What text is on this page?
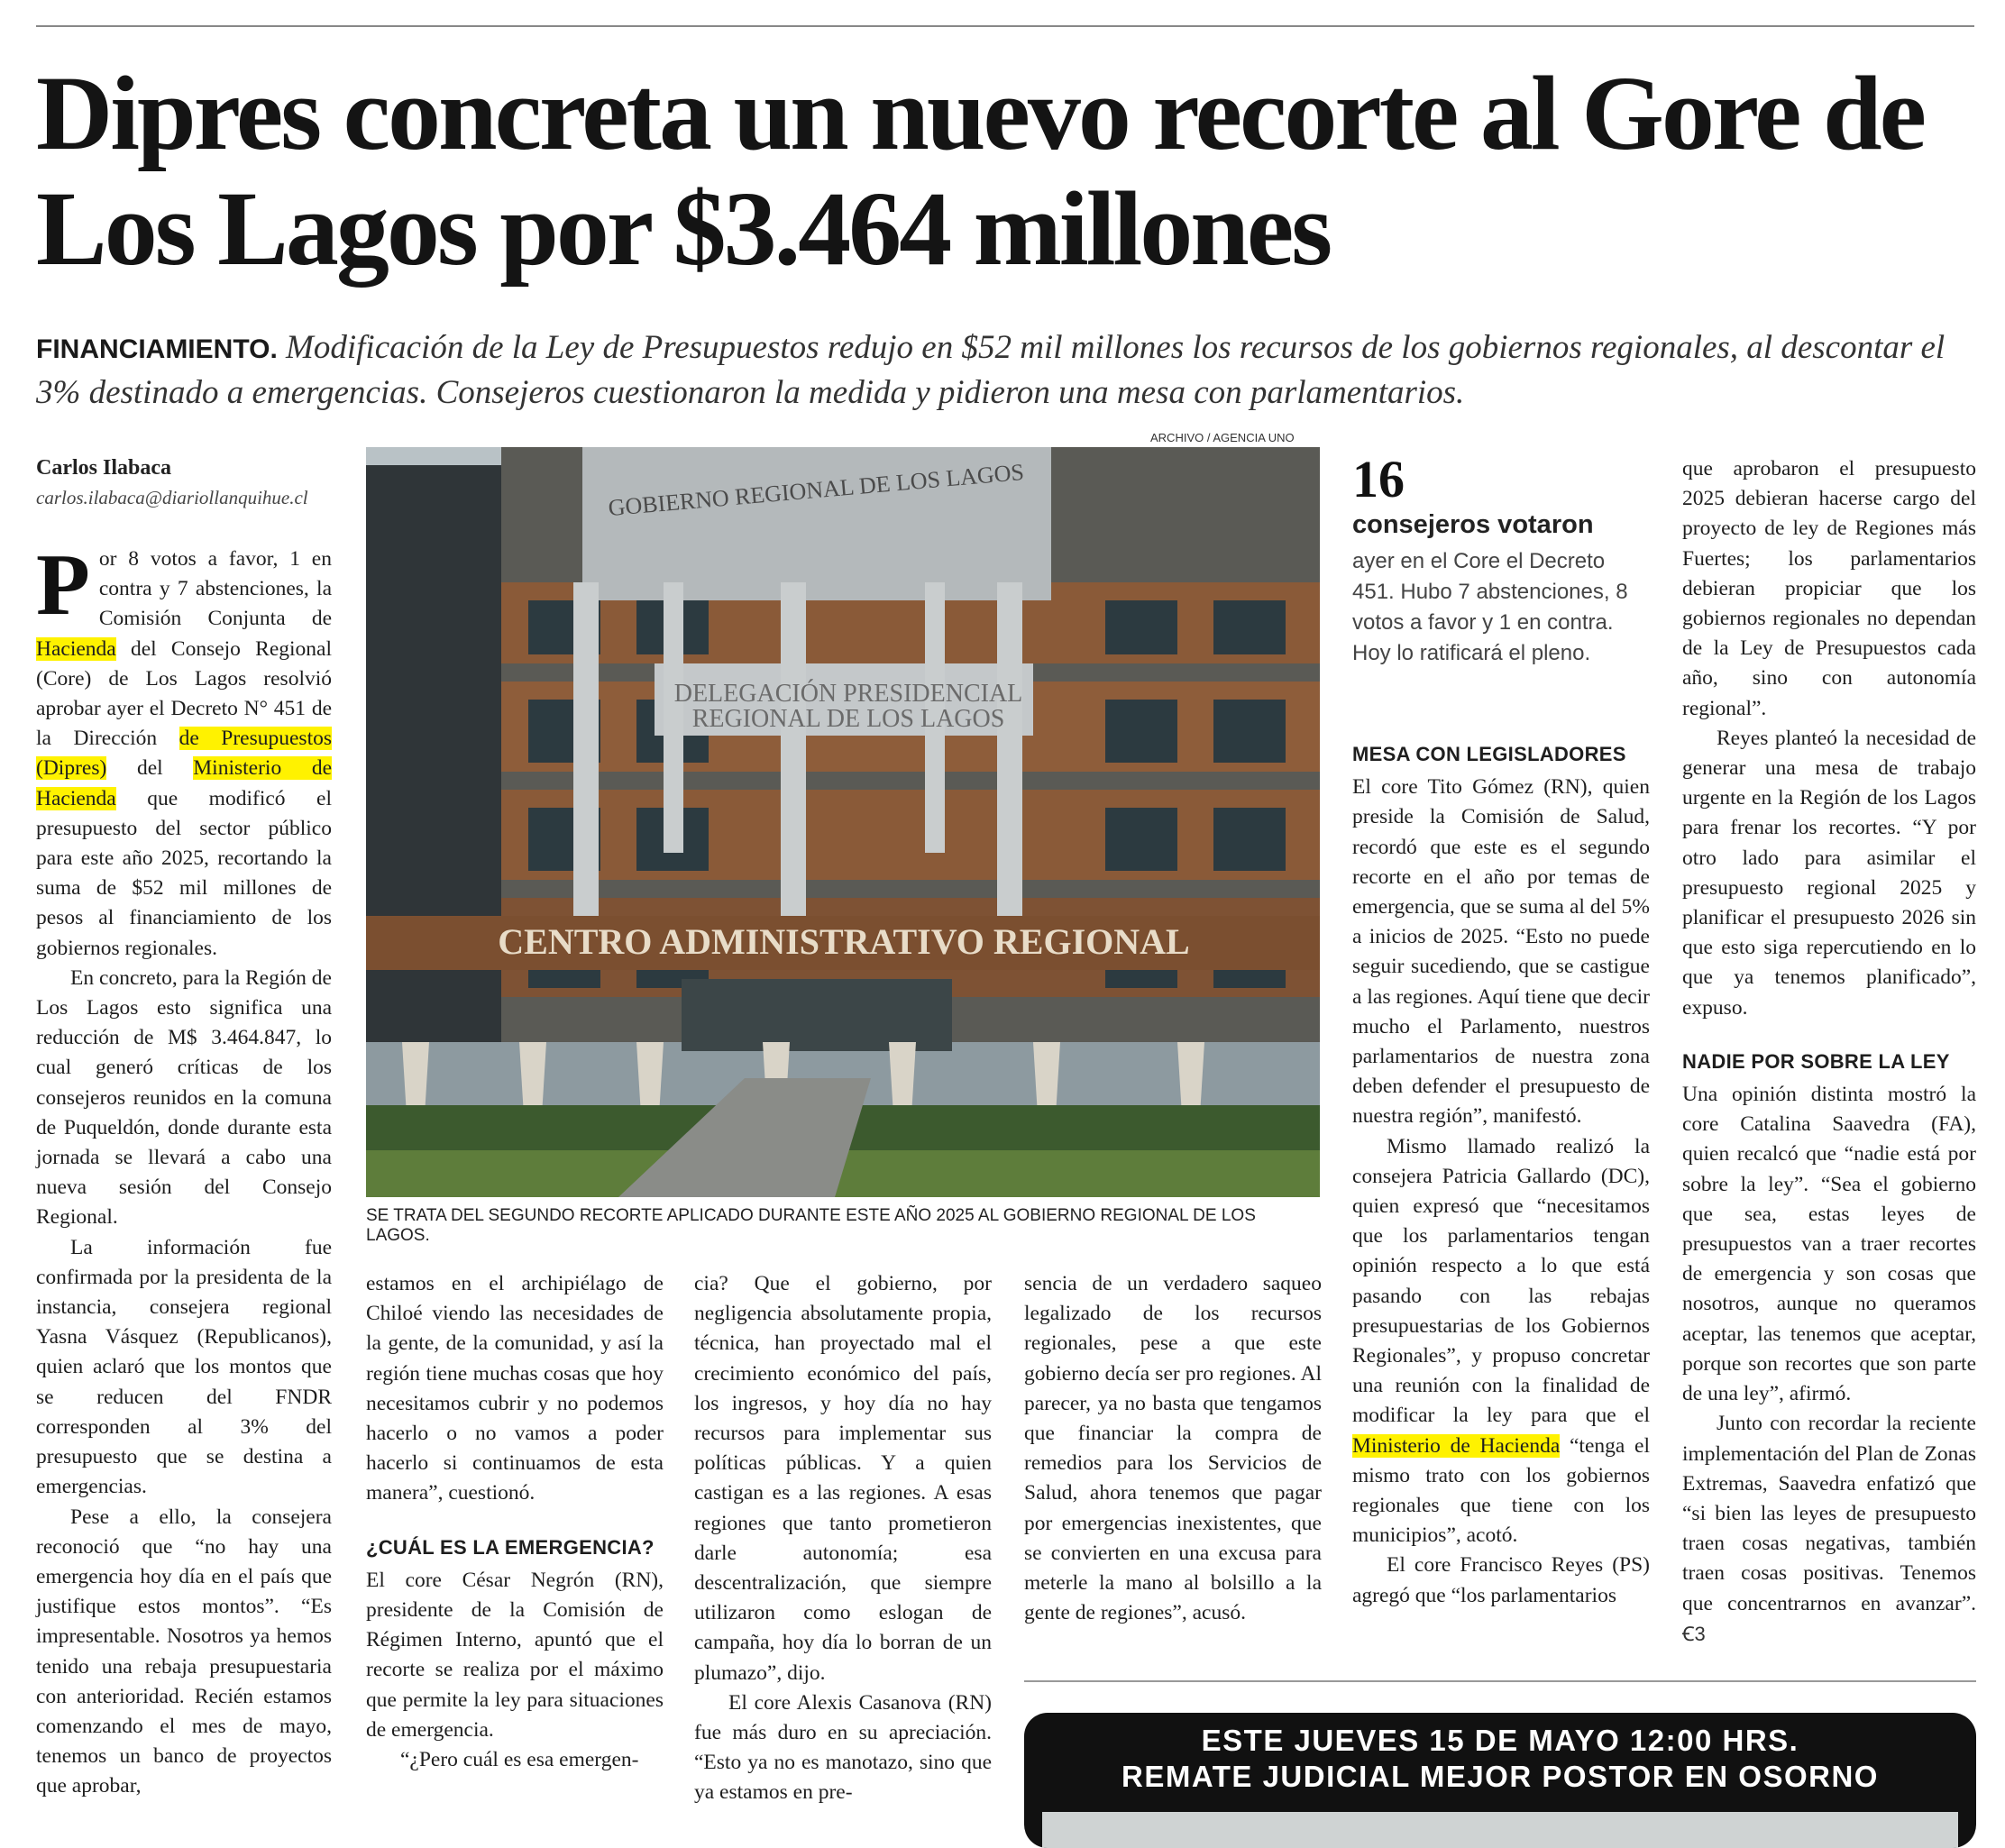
Dipres concreta un nuevo recorte al Gore de Los Lagos por $3.464 millones

FINANCIAMIENTO. Modificación de la Ley de Presupuestos redujo en $52 mil millones los recursos de los gobiernos regionales, al descontar el 3% destinado a emergencias. Consejeros cuestionaron la medida y pidieron una mesa con parlamentarios.

Carlos Ilabaca
carlos.ilabaca@diariollanquihue.cl

Por 8 votos a favor, 1 en contra y 7 abstenciones, la Comisión Conjunta de Hacienda del Consejo Regional (Core) de Los Lagos resolvió aprobar ayer el Decreto N° 451 de la Dirección de Presupuestos (Dipres) del Ministerio de Hacienda que modificó el presupuesto del sector público para este año 2025, recortando la suma de $52 mil millones de pesos al financiamiento de los gobiernos regionales.

En concreto, para la Región de Los Lagos esto significa una reducción de M$ 3.464.847, lo cual generó críticas de los consejeros reunidos en la comuna de Puqueldón, donde durante esta jornada se llevará a cabo una nueva sesión del Consejo Regional.

La información fue confirmada por la presidenta de la instancia, consejera regional Yasna Vásquez (Republicanos), quien aclaró que los montos que se reducen del FNDR corresponden al 3% del presupuesto que se destina a emergencias.

Pese a ello, la consejera reconoció que “no hay una emergencia hoy día en el país que justifique estos montos”. “Es impresentable. Nosotros ya hemos tenido una rebaja presupuestaria con anterioridad. Recién estamos comenzando el mes de mayo, tenemos un banco de proyectos que aprobar,

ARCHIVO / AGENCIA UNO
GOBIERNO REGIONAL DE LOS LAGOS
DELEGACIÓN PRESIDENCIAL
REGIONAL DE LOS LAGOS
CENTRO ADMINISTRATIVO REGIONAL
SE TRATA DEL SEGUNDO RECORTE APLICADO DURANTE ESTE AÑO 2025 AL GOBIERNO REGIONAL DE LOS LAGOS.

estamos en el archipiélago de Chiloé viendo las necesidades de la gente, de la comunidad, y así la región tiene muchas cosas que hoy necesitamos cubrir y no podemos hacerlo o no vamos a poder hacerlo si continuamos de esta manera”, cuestionó.

¿CUÁL ES LA EMERGENCIA?

El core César Negrón (RN), presidente de la Comisión de Régimen Interno, apuntó que el recorte se realiza por el máximo que permite la ley para situaciones de emergencia.

“¿Pero cuál es esa emergen-

cia? Que el gobierno, por negligencia absolutamente propia, técnica, han proyectado mal el crecimiento económico del país, los ingresos, y hoy día no hay recursos para implementar sus políticas públicas. Y a quien castigan es a las regiones. A esas regiones que tanto prometieron darle autonomía; esa descentralización, que siempre utilizaron como eslogan de campaña, hoy día lo borran de un plumazo”, dijo.

El core Alexis Casanova (RN) fue más duro en su apreciación. “Esto ya no es manotazo, sino que ya estamos en pre-

sencia de un verdadero saqueo legalizado de los recursos regionales, pese a que este gobierno decía ser pro regiones. Al parecer, ya no basta que tengamos que financiar la compra de remedios para los Servicios de Salud, ahora tenemos que pagar por emergencias inexistentes, que se convierten en una excusa para meterle la mano al bolsillo a la gente de regiones”, acusó.

16
consejeros votaron
ayer en el Core el Decreto 451. Hubo 7 abstenciones, 8 votos a favor y 1 en contra. Hoy lo ratificará el pleno.
MESA CON LEGISLADORES

El core Tito Gómez (RN), quien preside la Comisión de Salud, recordó que este es el segundo recorte en el año por temas de emergencia, que se suma al del 5% a inicios de 2025. “Esto no puede seguir sucediendo, que se castigue a las regiones. Aquí tiene que decir mucho el Parlamento, nuestros parlamentarios de nuestra zona deben defender el presupuesto de nuestra región”, manifestó.

Mismo llamado realizó la consejera Patricia Gallardo (DC), quien expresó que “necesitamos que los parlamentarios tengan opinión respecto a lo que está pasando con las rebajas presupuestarias de los Gobiernos Regionales”, y propuso concretar una reunión con la finalidad de modificar la ley para que el Ministerio de Hacienda “tenga el mismo trato con los gobiernos regionales que tiene con los municipios”, acotó.

El core Francisco Reyes (PS) agregó que “los parlamentarios

que aprobaron el presupuesto 2025 debieran hacerse cargo del proyecto de ley de Regiones más Fuertes; los parlamentarios debieran propiciar que los gobiernos regionales no dependan de la Ley de Presupuestos cada año, sino con autonomía regional”.

Reyes planteó la necesidad de generar una mesa de trabajo urgente en la Región de los Lagos para frenar los recortes. “Y por otro lado para asimilar el presupuesto regional 2025 y planificar el presupuesto 2026 sin que esto siga repercutiendo en lo que ya tenemos planificado”, expuso.

NADIE POR SOBRE LA LEY

Una opinión distinta mostró la core Catalina Saavedra (FA), quien recalcó que “nadie está por sobre la ley”. “Sea el gobierno que sea, estas leyes de presupuestos van a traer recortes de emergencia y son cosas que nosotros, aunque no queramos aceptar, las tenemos que aceptar, porque son recortes que son parte de una ley”, afirmó.

Junto con recordar la reciente implementación del Plan de Zonas Extremas, Saavedra enfatizó que “si bien las leyes de presupuesto traen cosas negativas, también traen cosas positivas. Tenemos que concentrarnos en avanzar”. Ꞓ3

ESTE JUEVES 15 DE MAYO 12:00 HRS.
REMATE JUDICIAL MEJOR POSTOR EN OSORNO
